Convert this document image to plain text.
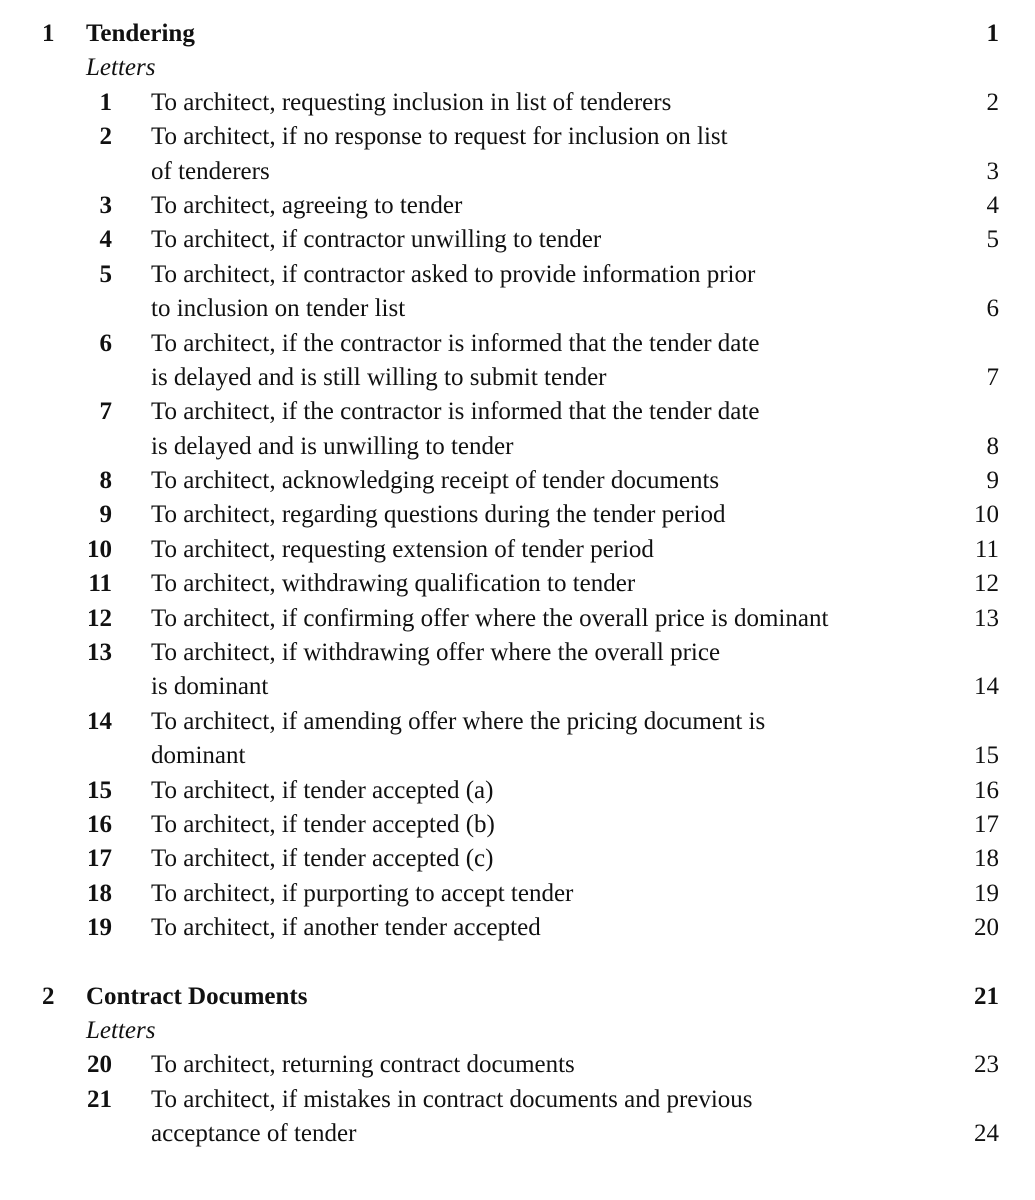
1 Tendering	1
Letters
1 To architect, requesting inclusion in list of tenderers	2
2 To architect, if no response to request for inclusion on list
of tenderers	3
3 To architect, agreeing to tender	4
4 To architect, if contractor unwilling to tender	5
5 To architect, if contractor asked to provide information prior
to inclusion on tender list	6
6 To architect, if the contractor is informed that the tender date
is delayed and is still willing to submit tender	7
7 To architect, if the contractor is informed that the tender date
is delayed and is unwilling to tender	8
8 To architect, acknowledging receipt of tender documents	9
9 To architect, regarding questions during the tender period	10
10 To architect, requesting extension of tender period	11
11 To architect, withdrawing qualification to tender	12
12 To architect, if confirming offer where the overall price is dominant	13
13 To architect, if withdrawing offer where the overall price
is dominant	14
14 To architect, if amending offer where the pricing document is
dominant	15
15 To architect, if tender accepted (a)	16
16 To architect, if tender accepted (b)	17
17 To architect, if tender accepted (c)	18
18 To architect, if purporting to accept tender	19
19 To architect, if another tender accepted	20
2 Contract Documents	21
Letters
20 To architect, returning contract documents	23
21 To architect, if mistakes in contract documents and previous
acceptance of tender	24
